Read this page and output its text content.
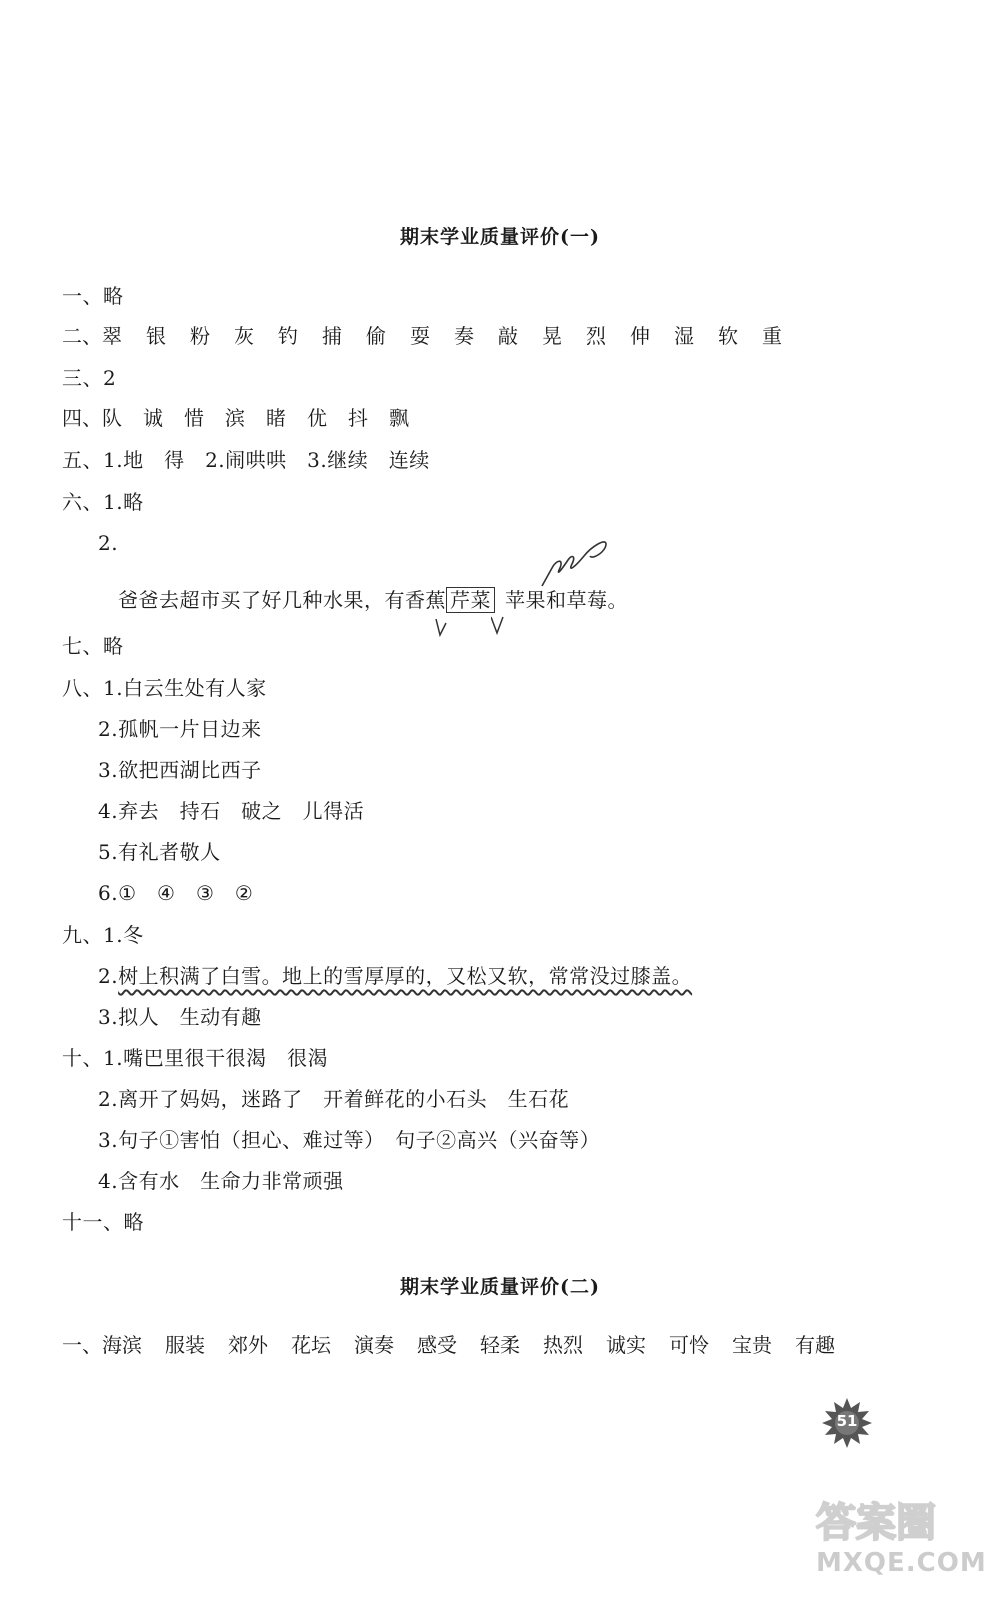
期末学业质量评价(一)
一、略
二、 翠 银 粉 灰 钓 捕 偷 耍 奏 敲 晃 烈 伸 湿 软 重
三、2
四、 队 诚 惜 滨 睹 优 抖 飘
五、1.地　得　2.闹哄哄　3.继续　连续
六、1.略
2.
爸爸去超市买了好几种水果，有香蕉 芹菜 苹果和草莓。
七、略
八、1.白云生处有人家
2.孤帆一片日边来
3.欲把西湖比西子
4.弃去　持石　破之　儿得活
5.有礼者敬人
6.①　④　③　②
九、1.冬
2.树上积满了白雪。地上的雪厚厚的，又松又软，常常没过膝盖。
3.拟人　生动有趣
十、1.嘴巴里很干很渴　很渴
2.离开了妈妈，迷路了　开着鲜花的小石头　生石花
3.句子①害怕（担心、难过等）　句子②高兴（兴奋等）
4.含有水　生命力非常顽强
十一、略
期末学业质量评价(二)
一、 海滨 服装 郊外 花坛 演奏 感受 轻柔 热烈 诚实 可怜 宝贵 有趣
51
答案圈
MXQE.COM
